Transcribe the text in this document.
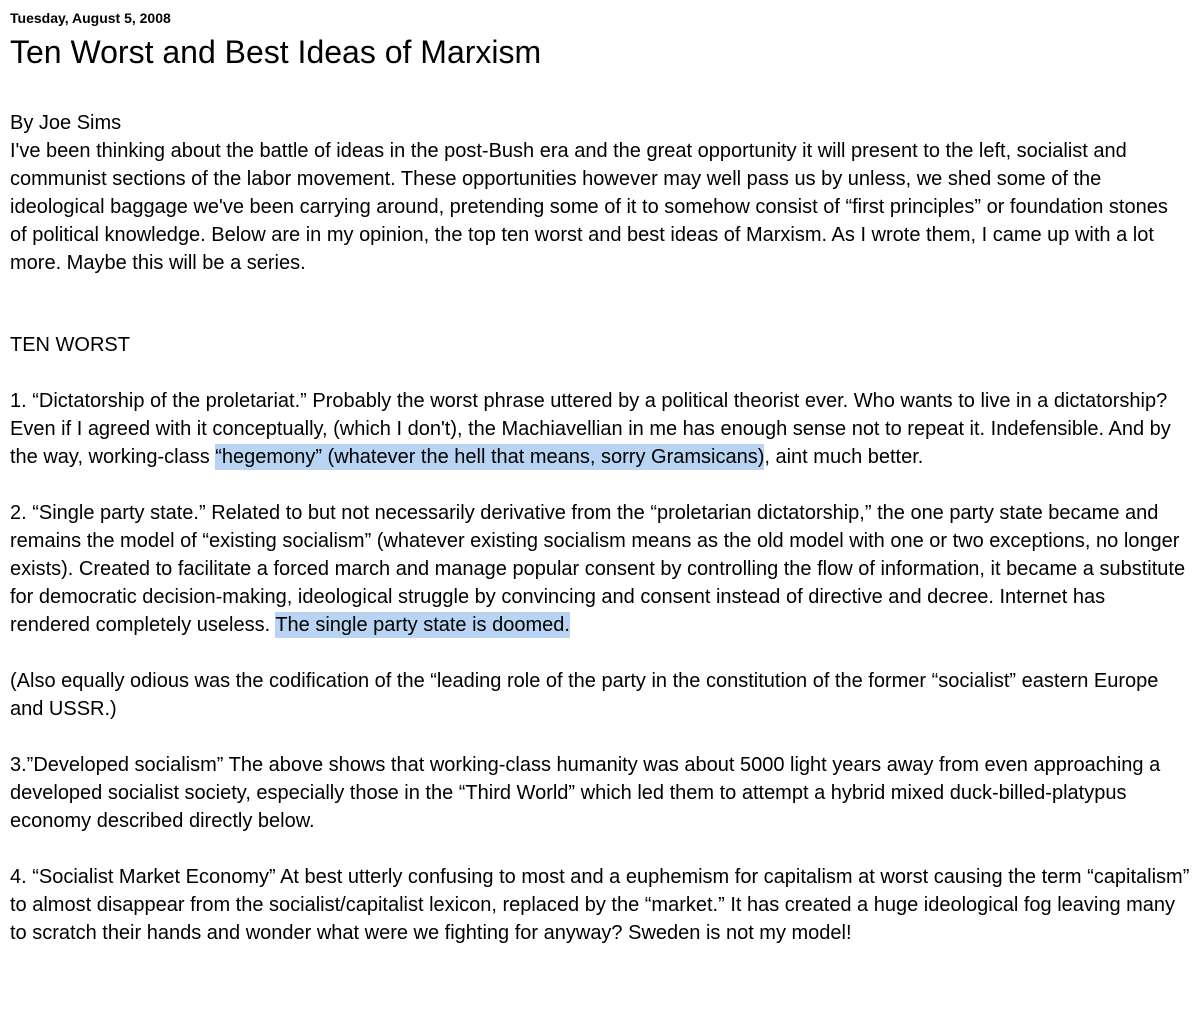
Tuesday, August 5, 2008
Ten Worst and Best Ideas of Marxism
By Joe Sims
I've been thinking about the battle of ideas in the post-Bush era and the great opportunity it will present to the left, socialist and communist sections of the labor movement. These opportunities however may well pass us by unless, we shed some of the ideological baggage we've been carrying around, pretending some of it to somehow consist of “first principles” or foundation stones of political knowledge. Below are in my opinion, the top ten worst and best ideas of Marxism. As I wrote them, I came up with a lot more. Maybe this will be a series.
TEN WORST

1. “Dictatorship of the proletariat.” Probably the worst phrase uttered by a political theorist ever. Who wants to live in a dictatorship? Even if I agreed with it conceptually, (which I don't), the Machiavellian in me has enough sense not to repeat it. Indefensible. And by the way, working-class “hegemony” (whatever the hell that means, sorry Gramsicans), aint much better.

2. “Single party state.” Related to but not necessarily derivative from the “proletarian dictatorship,” the one party state became and remains the model of “existing socialism” (whatever existing socialism means as the old model with one or two exceptions, no longer exists). Created to facilitate a forced march and manage popular consent by controlling the flow of information, it became a substitute for democratic decision-making, ideological struggle by convincing and consent instead of directive and decree. Internet has rendered completely useless. The single party state is doomed.

(Also equally odious was the codification of the “leading role of the party in the constitution of the former “socialist” eastern Europe and USSR.)

3.”Developed socialism” The above shows that working-class humanity was about 5000 light years away from even approaching a developed socialist society, especially those in the “Third World” which led them to attempt a hybrid mixed duck-billed-platypus economy described directly below.

4. “Socialist Market Economy” At best utterly confusing to most and a euphemism for capitalism at worst causing the term “capitalism” to almost disappear from the socialist/capitalist lexicon, replaced by the “market.” It has created a huge ideological fog leaving many to scratch their hands and wonder what were we fighting for anyway? Sweden is not my model!
